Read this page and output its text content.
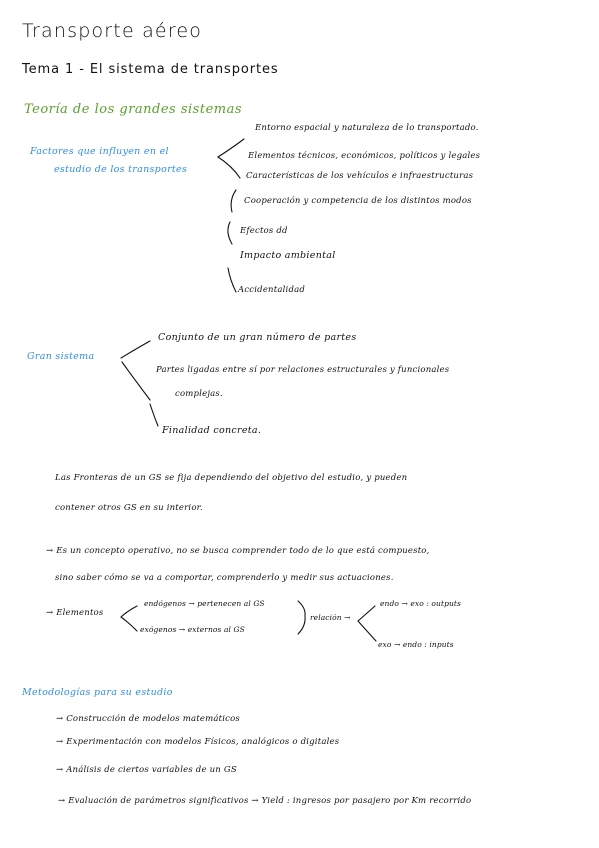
Transporte aéreo
Tema 1 - El sistema de transportes
Teoría de los grandes sistemas
Factores que influyen en el
estudio de los transportes
Entorno espacial y naturaleza de lo transportado.
Elementos técnicos, económicos, políticos y legales
Características de los vehículos e infraestructuras
Cooperación y competencia de los distintos modos
Efectos dd
Impacto ambiental
Accidentalidad
Gran sistema
Conjunto de un gran número de partes
Partes ligadas entre sí por relaciones estructurales y funcionales
complejas.
Finalidad concreta.
Las Fronteras de un GS se fija dependiendo del objetivo del estudio, y pueden
contener otros GS en su interior.
→ Es un concepto operativo, no se busca comprender todo de lo que está compuesto,
sino saber cómo se va a comportar, comprenderlo y medir sus actuaciones.
→ Elementos
endógenos → pertenecen al GS
exógenos → externos al GS
relación →
endo → exo : outputs
exo → endo : inputs
Metodologías para su estudio
→ Construcción de modelos matemáticos
→ Experimentación con modelos Físicos, analógicos o digitales
→ Análisis de ciertos variables de un GS
→ Evaluación de parámetros significativos → Yield : ingresos por pasajero por Km recorrido
